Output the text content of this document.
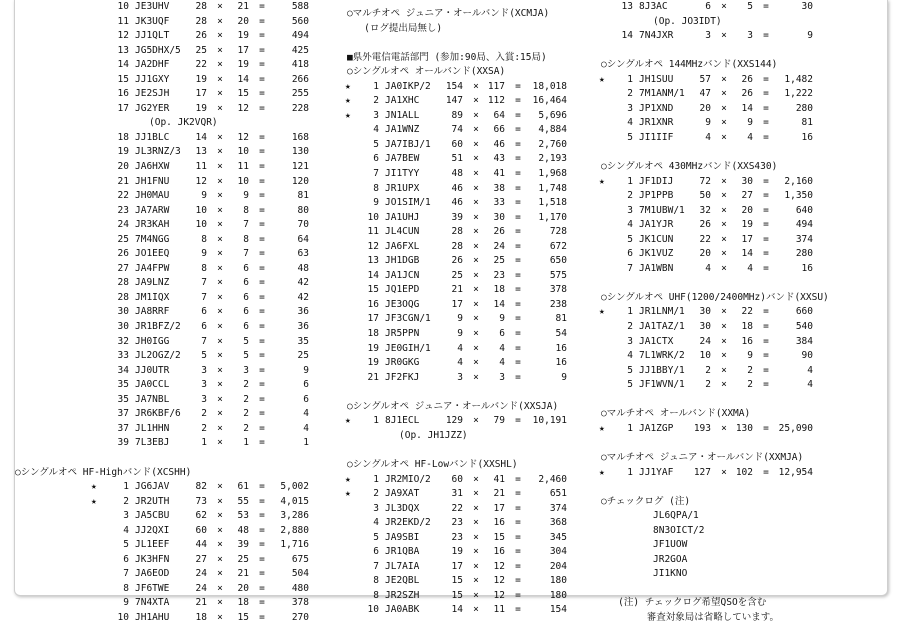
10 JE3UHV	28 ×	21 =	588
11 JK3UQF	28 ×	20 =	560
12 JJ1QLT	26 ×	19 =	494
13 JG5DHX/5	25 ×	17 =	425
14 JA2DHF	22 ×	19 =	418
15 JJ1GXY	19 ×	14 =	266
16 JE2SJH	17 ×	15 =	255
17 JG2YER	19 ×	12 =	228
(Op. JK2VQR)
18 JJ1BLC	14 ×	12 =	168
19 JL3RNZ/3	13 ×	10 =	130
20 JA6HXW	11 ×	11 =	121
21 JH1FNU	12 ×	10 =	120
22 JH0MAU	9 ×	9 =	81
23 JA7ARW	10 ×	8 =	80
24 JR3KAH	10 ×	7 =	70
25 7M4NGG	8 ×	8 =	64
26 JO1EEQ	9 ×	7 =	63
27 JA4FPW	8 ×	6 =	48
28 JA9LNZ	7 ×	6 =	42
28 JM1IQX	7 ×	6 =	42
30 JA8RRF	6 ×	6 =	36
30 JR1BFZ/2	6 ×	6 =	36
32 JH0IGG	7 ×	5 =	35
33 JL2OGZ/2	5 ×	5 =	25
34 JJ0UTR	3 ×	3 =	9
35 JA0CCL	3 ×	2 =	6
35 JA7NBL	3 ×	2 =	6
37 JR6KBF/6	2 ×	2 =	4
37 JL1HHN	2 ×	2 =	4
39 7L3EBJ	1 ×	1 =	1
○シングルオペ HF-Highバンド(XCSHH)
★	1 JG6JAV	82 ×	61 =	5,002
★	2 JR2UTH	73 ×	55 =	4,015
3 JA5CBU	62 ×	53 =	3,286
4 JJ2QXI	60 ×	48 =	2,880
5 JL1EEF	44 ×	39 =	1,716
6 JK3HFN	27 ×	25 =	675
7 JA6EOD	24 ×	21 =	504
8 JF6TWE	24 ×	20 =	480
9 7N4XTA	21 ×	18 =	378
10 JH1AHU	18 ×	15 =	270
○マルチオペ ジュニア・オールバンド(XCMJA)
(ログ提出局無し)
■県外電信電話部門 (参加:90局、入賞:15局)
○シングルオペ オールバンド(XXSA)
★	1 JA0IKP/2 154 × 117 =	18,018
★	2 JA1XHC	147 × 112 =	16,464
★	3 JN1ALL	89 ×	64 =	5,696
4 JA1WNZ	74 ×	66 =	4,884
5 JA7IBJ/1	60 ×	46 =	2,760
6 JA7BEW	51 ×	43 =	2,193
7 JI1TYY	48 ×	41 =	1,968
8 JR1UPX	46 ×	38 =	1,748
9 JO1SIM/1	46 ×	33 =	1,518
10 JA1UHJ	39 ×	30 =	1,170
11 JL4CUN	28 ×	26 =	728
12 JA6FXL	28 ×	24 =	672
13 JH1DGB	26 ×	25 =	650
14 JA1JCN	25 ×	23 =	575
15 JQ1EPD	21 ×	18 =	378
16 JE3OQG	17 ×	14 =	238
17 JF3CGN/1	9 ×	9 =	81
18 JR5PPN	9 ×	6 =	54
19 JE0GIH/1	4 ×	4 =	16
19 JR0GKG	4 ×	4 =	16
21 JF2FKJ	3 ×	3 =	9
○シングルオペ ジュニア・オールバンド(XXSJA)
★	1 8J1ECL	129 ×	79 =	10,191
(Op. JH1JZZ)
○シングルオペ HF-Lowバンド(XXSHL)
★	1 JR2MIO/2	60 ×	41 =	2,460
★	2 JA9XAT	31 ×	21 =	651
3 JL3DQX	22 ×	17 =	374
4 JR2EKD/2	23 ×	16 =	368
5 JA9SBI	23 ×	15 =	345
6 JR1QBA	19 ×	16 =	304
7 JL7AIA	17 ×	12 =	204
8 JE2QBL	15 ×	12 =	180
8 JR2SZH	15 ×	12 =	180
10 JA0ABK	14 ×	11 =	154
13 8J3AC	6 ×	5 =	30
(Op. JO3IDT)
14 7N4JXR	3 ×	3 =	9
○シングルオペ 144MHzバンド(XXS144)
★	1 JH1SUU	57 ×	26 =	1,482
2 7M1ANM/1	47 ×	26 =	1,222
3 JP1XND	20 ×	14 =	280
4 JR1XNR	9 ×	9 =	81
5 JI1IIF	4 ×	4 =	16
○シングルオペ 430MHzバンド(XXS430)
★	1 JF1DIJ	72 ×	30 =	2,160
2 JP1PPB	50 ×	27 =	1,350
3 7M1UBW/1	32 ×	20 =	640
4 JA1YJR	26 ×	19 =	494
5 JK1CUN	22 ×	17 =	374
6 JK1VUZ	20 ×	14 =	280
7 JA1WBN	4 ×	4 =	16
○シングルオペ UHF(1200/2400MHz)バンド(XXSU)
★	1 JR1LNM/1	30 ×	22 =	660
2 JA1TAZ/1	30 ×	18 =	540
3 JA1CTX	24 ×	16 =	384
4 7L1WRK/2	10 ×	9 =	90
5 JJ1BBY/1	2 ×	2 =	4
5 JF1WVN/1	2 ×	2 =	4
○マルチオペ オールバンド(XXMA)
★	1 JA1ZGP 193 × 130 =	25,090
○マルチオペ ジュニア・オールバンド(XXMJA)
★	1 JJ1YAF 127 × 102 =	12,954
○チェックログ (注)
JL6QPA/1
8N3OICT/2
JF1UOW
JR2GOA
JI1KNO
(注) チェックログ希望QSOを含む
審査対象局は省略しています。
